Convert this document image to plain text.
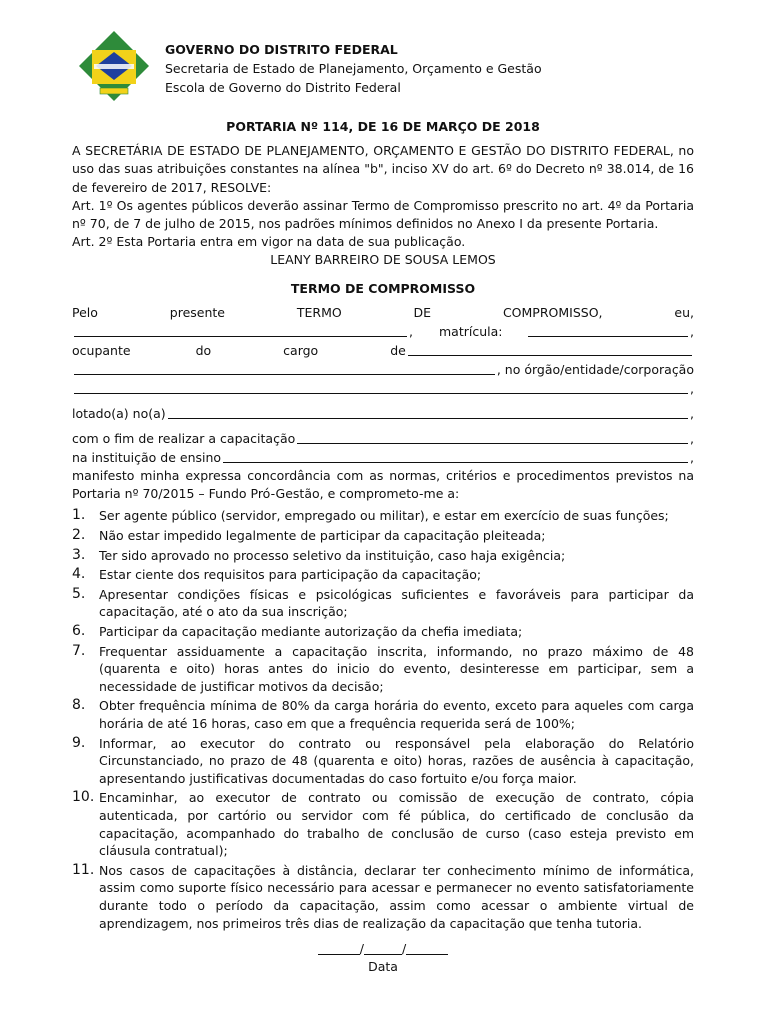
GOVERNO DO DISTRITO FEDERAL
Secretaria de Estado de Planejamento, Orçamento e Gestão
Escola de Governo do Distrito Federal

PORTARIA Nº 114, DE 16 DE MARÇO DE 2018

A SECRETÁRIA DE ESTADO DE PLANEJAMENTO, ORÇAMENTO E GESTÃO DO DISTRITO FEDERAL, no uso das suas atribuições constantes na alínea "b", inciso XV do art. 6º do Decreto nº 38.014, de 16 de fevereiro de 2017, RESOLVE:

Art. 1º Os agentes públicos deverão assinar Termo de Compromisso prescrito no art. 4º da Portaria nº 70, de 7 de julho de 2015, nos padrões mínimos definidos no Anexo I da presente Portaria.

Art. 2º Esta Portaria entra em vigor na data de sua publicação.

LEANY BARREIRO DE SOUSA LEMOS

TERMO DE COMPROMISSO

Pelo	presente	TERMO	DE	COMPROMISSO,	eu,
, matrícula:	,
ocupante	do	cargo	de
, no órgão/entidade/corporação
,
lotado(a) no(a)	,
com o fim de realizar a capacitação	,
na instituição de ensino	,

manifesto minha expressa concordância com as normas, critérios e procedimentos previstos na Portaria nº 70/2015 – Fundo Pró-Gestão, e comprometo-me a:

1.	Ser agente público (servidor, empregado ou militar), e estar em exercício de suas funções;
2.	Não estar impedido legalmente de participar da capacitação pleiteada;
3.	Ter sido aprovado no processo seletivo da instituição, caso haja exigência;
4.	Estar ciente dos requisitos para participação da capacitação;
5.	Apresentar condições físicas e psicológicas suficientes e favoráveis para participar da capacitação, até o ato da sua inscrição;
6.	Participar da capacitação mediante autorização da chefia imediata;
7.	Frequentar assiduamente a capacitação inscrita, informando, no prazo máximo de 48 (quarenta e oito) horas antes do inicio do evento, desinteresse em participar, sem a necessidade de justificar motivos da decisão;
8.	Obter frequência mínima de 80% da carga horária do evento, exceto para aqueles com carga horária de até 16 horas, caso em que a frequência requerida será de 100%;
9.	Informar, ao executor do contrato ou responsável pela elaboração do Relatório Circunstanciado, no prazo de 48 (quarenta e oito) horas, razões de ausência à capacitação, apresentando justificativas documentadas do caso fortuito e/ou força maior.
10. Encaminhar, ao executor de contrato ou comissão de execução de contrato, cópia autenticada, por cartório ou servidor com fé pública, do certificado de conclusão da capacitação, acompanhado do trabalho de conclusão de curso (caso esteja previsto em cláusula contratual);
11. Nos casos de capacitações à distância, declarar ter conhecimento mínimo de informática, assim como suporte físico necessário para acessar e permanecer no evento satisfatoriamente durante todo o período da capacitação, assim como acessar o ambiente virtual de aprendizagem, nos primeiros três dias de realização da capacitação que tenha tutoria.
/	/

Data
